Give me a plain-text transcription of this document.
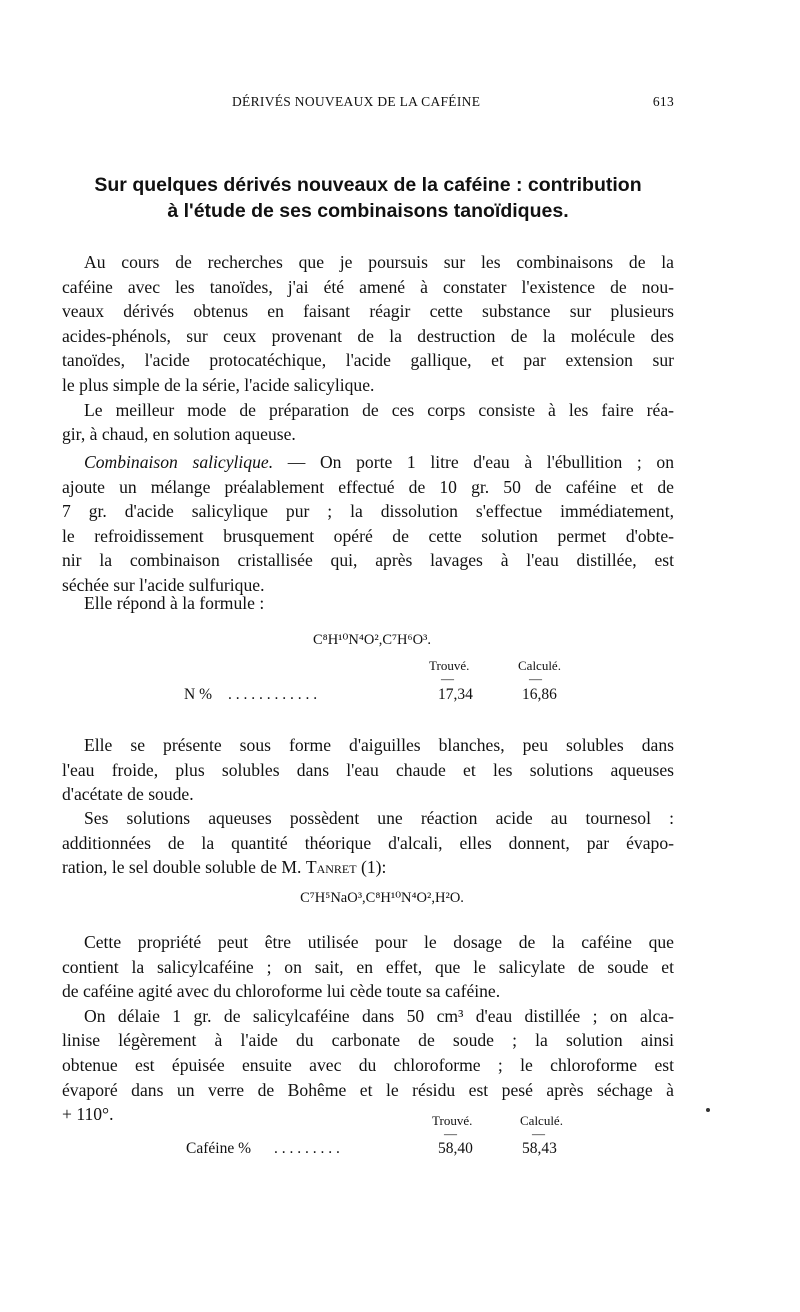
DÉRIVÉS NOUVEAUX DE LA CAFÉINE	613
Sur quelques dérivés nouveaux de la caféine : contribution
à l'étude de ses combinaisons tanoïdiques.
Au cours de recherches que je poursuis sur les combinaisons de la
caféine avec les tanoïdes, j'ai été amené à constater l'existence de nou-
veaux dérivés obtenus en faisant réagir cette substance sur plusieurs
acides-phénols, sur ceux provenant de la destruction de la molécule des
tanoïdes, l'acide protocatéchique, l'acide gallique, et par extension sur
le plus simple de la série, l'acide salicylique.
Le meilleur mode de préparation de ces corps consiste à les faire réa-
gir, à chaud, en solution aqueuse.
Combinaison salicylique. — On porte 1 litre d'eau à l'ébullition ; on
ajoute un mélange préalablement effectué de 10 gr. 50 de caféine et de
7 gr. d'acide salicylique pur ; la dissolution s'effectue immédiatement,
le refroidissement brusquement opéré de cette solution permet d'obte-
nir la combinaison cristallisée qui, après lavages à l'eau distillée, est
séchée sur l'acide sulfurique.
Elle répond à la formule :
C⁸H¹⁰N⁴O²,C⁷H⁶O³.
Trouvé.	Calculé.
—	—
N % . . . . . . . . . . . .	17,34	16,86
Elle se présente sous forme d'aiguilles blanches, peu solubles dans
l'eau froide, plus solubles dans l'eau chaude et les solutions aqueuses
d'acétate de soude.
Ses solutions aqueuses possèdent une réaction acide au tournesol :
additionnées de la quantité théorique d'alcali, elles donnent, par évapo-
ration, le sel double soluble de M. Tanret (1):
C⁷H⁵NaO³,C⁸H¹⁰N⁴O²,H²O.
Cette propriété peut être utilisée pour le dosage de la caféine que
contient la salicylcaféine ; on sait, en effet, que le salicylate de soude et
de caféine agité avec du chloroforme lui cède toute sa caféine.
On délaie 1 gr. de salicylcaféine dans 50 cm³ d'eau distillée ; on alca-
linise légèrement à l'aide du carbonate de soude ; la solution ainsi
obtenue est épuisée ensuite avec du chloroforme ; le chloroforme est
évaporé dans un verre de Bohême et le résidu est pesé après séchage à
+ 110°.	Trouvé.	Calculé.
—	—
Caféine % . . . . . . . . .	58,40	58,43
